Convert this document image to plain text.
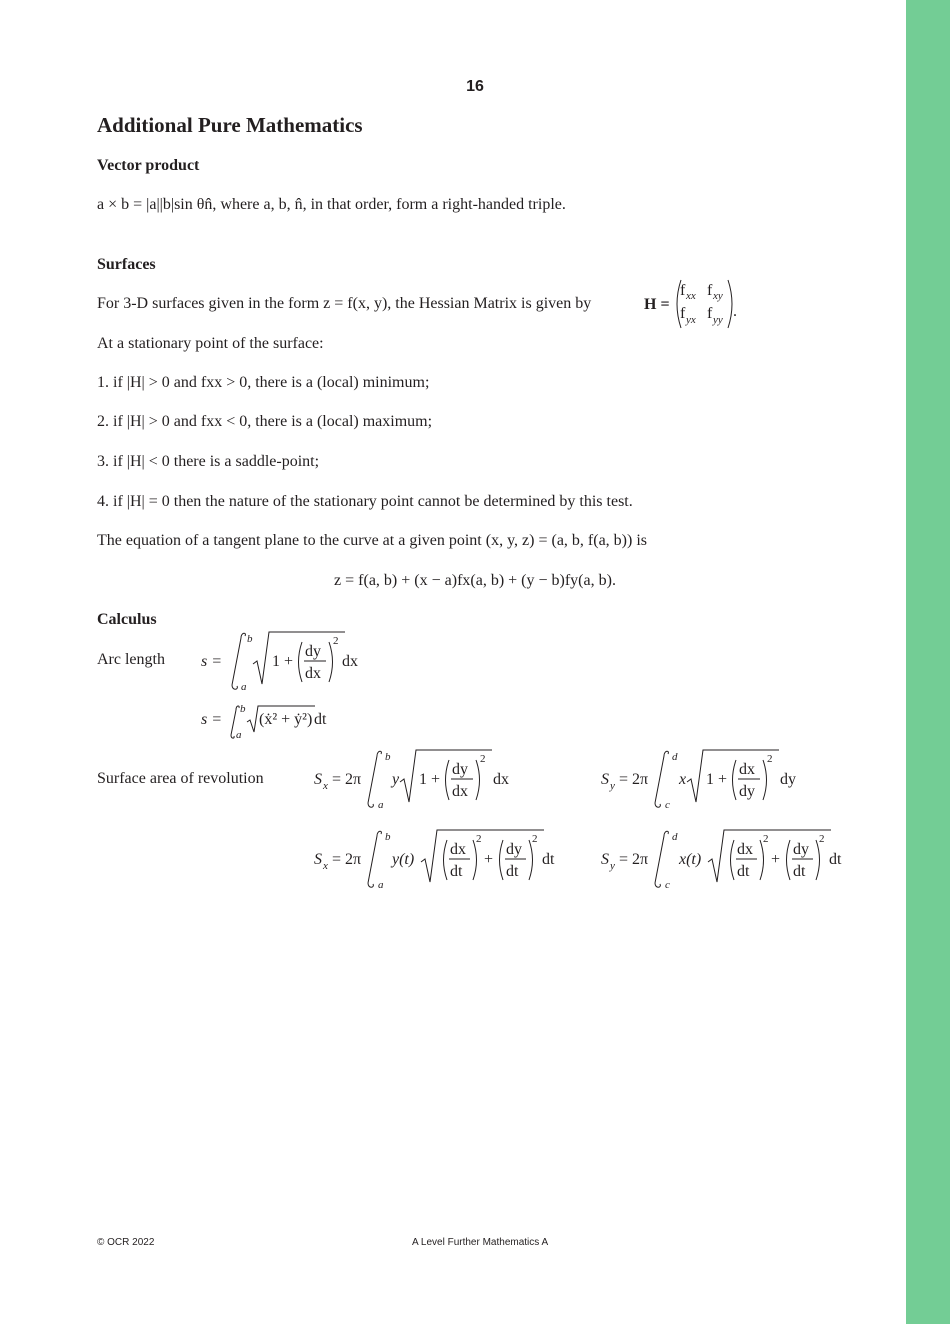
16
Additional Pure Mathematics
Vector product
a × b = |a||b|sin θn̂, where a, b, n̂, in that order, form a right-handed triple.
Surfaces
For 3-D surfaces given in the form z = f(x, y), the Hessian Matrix is given by	H =
f xx f xy
f yx f yy .
At a stationary point of the surface:
1. if |H| > 0 and fxx > 0, there is a (local) minimum;
2. if |H| > 0 and fxx < 0, there is a (local) maximum;
3. if |H| < 0 there is a saddle-point;
4. if |H| = 0 then the nature of the stationary point cannot be determined by this test.
The equation of a tangent plane to the curve at a given point (x, y, z) = (a, b, f(a, b)) is
z = f(a, b) + (x − a)fx(a, b) + (y − b)fy(a, b).
Calculus
Arc length s =
b
a
1 +
dy
dx
2
dx
s =
b
a
(ẋ² + ẏ²) dt
Surface area of revolution	S x = 2π
b
a
y 1 +
dy
dx
2
dx	S y = 2π
d
c
x 1 +
dx
dy
2
dy
S x = 2π
b
a
y(t)
dx
dt
2
+
dy
dt
2
dt	S y = 2π
d
c
x(t)
dx
dt
2
+
dy
dt
2
dt
© OCR 2022	A Level Further Mathematics A
